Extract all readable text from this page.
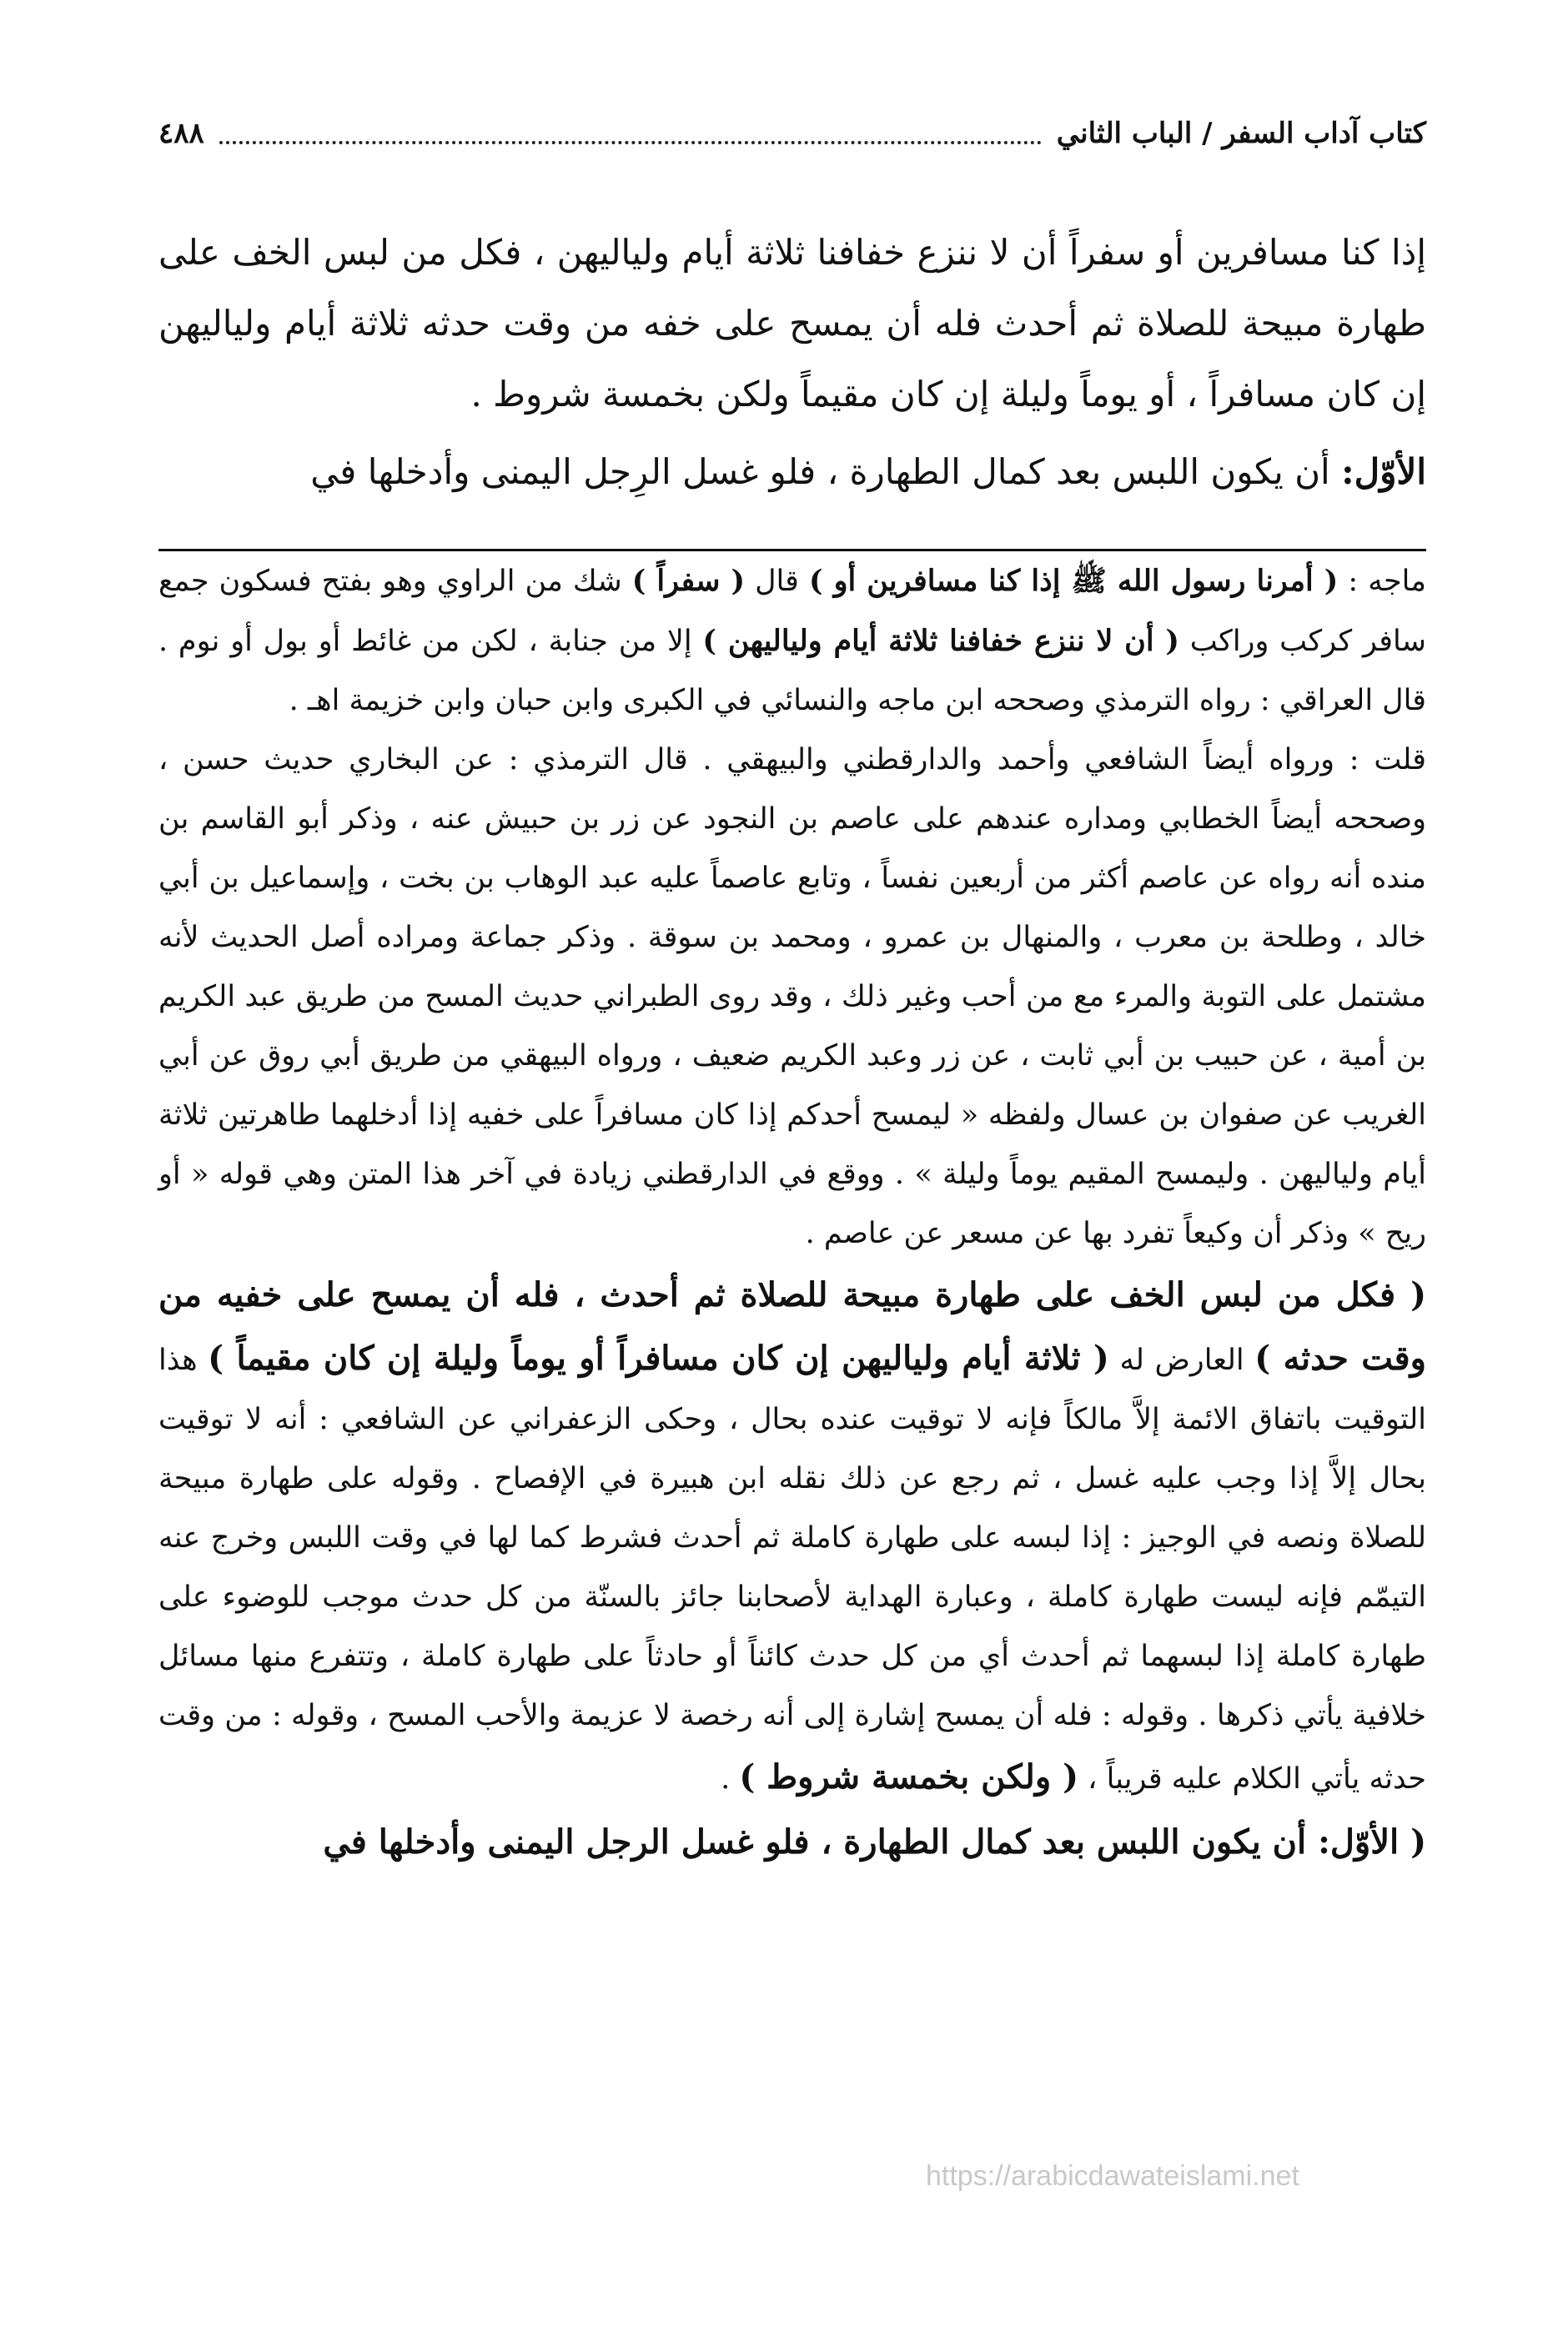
كتاب آداب السفر / الباب الثاني
٤٨٨

إذا كنا مسافرين أو سفراً أن لا ننزع خفافنا ثلاثة أيام ولياليهن ، فكل من لبس الخف على طهارة مبيحة للصلاة ثم أحدث فله أن يمسح على خفه من وقت حدثه ثلاثة أيام ولياليهن إن كان مسافراً ، أو يوماً وليلة إن كان مقيماً ولكن بخمسة شروط .

الأوّل: أن يكون اللبس بعد كمال الطهارة ، فلو غسل الرِجل اليمنى وأدخلها في

ماجه : ( أمرنا رسول الله ﷺ إذا كنا مسافرين أو ) قال ( سفراً ) شك من الراوي وهو بفتح فسكون جمع سافر كركب وراكب ( أن لا ننزع خفافنا ثلاثة أيام ولياليهن ) إلا من جنابة ، لكن من غائط أو بول أو نوم . قال العراقي : رواه الترمذي وصححه ابن ماجه والنسائي في الكبرى وابن حبان وابن خزيمة اهـ .

قلت : ورواه أيضاً الشافعي وأحمد والدارقطني والبيهقي . قال الترمذي : عن البخاري حديث حسن ، وصححه أيضاً الخطابي ومداره عندهم على عاصم بن النجود عن زر بن حبيش عنه ، وذكر أبو القاسم بن منده أنه رواه عن عاصم أكثر من أربعين نفساً ، وتابع عاصماً عليه عبد الوهاب بن بخت ، وإسماعيل بن أبي خالد ، وطلحة بن معرب ، والمنهال بن عمرو ، ومحمد بن سوقة . وذكر جماعة ومراده أصل الحديث لأنه مشتمل على التوبة والمرء مع من أحب وغير ذلك ، وقد روى الطبراني حديث المسح من طريق عبد الكريم بن أمية ، عن حبيب بن أبي ثابت ، عن زر وعبد الكريم ضعيف ، ورواه البيهقي من طريق أبي روق عن أبي الغريب عن صفوان بن عسال ولفظه « ليمسح أحدكم إذا كان مسافراً على خفيه إذا أدخلهما طاهرتين ثلاثة أيام ولياليهن . وليمسح المقيم يوماً وليلة » . ووقع في الدارقطني زيادة في آخر هذا المتن وهي قوله « أو ريح » وذكر أن وكيعاً تفرد بها عن مسعر عن عاصم .

( فكل من لبس الخف على طهارة مبيحة للصلاة ثم أحدث ، فله أن يمسح على خفيه من وقت حدثه ) العارض له ( ثلاثة أيام ولياليهن إن كان مسافراً أو يوماً وليلة إن كان مقيماً ) هذا التوقيت باتفاق الائمة إلاَّ مالكاً فإنه لا توقيت عنده بحال ، وحكى الزعفراني عن الشافعي : أنه لا توقيت بحال إلاَّ إذا وجب عليه غسل ، ثم رجع عن ذلك نقله ابن هبيرة في الإفصاح . وقوله على طهارة مبيحة للصلاة ونصه في الوجيز : إذا لبسه على طهارة كاملة ثم أحدث فشرط كما لها في وقت اللبس وخرج عنه التيمّم فإنه ليست طهارة كاملة ، وعبارة الهداية لأصحابنا جائز بالسنّة من كل حدث موجب للوضوء على طهارة كاملة إذا لبسهما ثم أحدث أي من كل حدث كائناً أو حادثاً على طهارة كاملة ، وتتفرع منها مسائل خلافية يأتي ذكرها . وقوله : فله أن يمسح إشارة إلى أنه رخصة لا عزيمة والأحب المسح ، وقوله : من وقت حدثه يأتي الكلام عليه قريباً ، ( ولكن بخمسة شروط ) .

( الأوّل: أن يكون اللبس بعد كمال الطهارة ، فلو غسل الرجل اليمنى وأدخلها في

https://arabicdawateislami.net
